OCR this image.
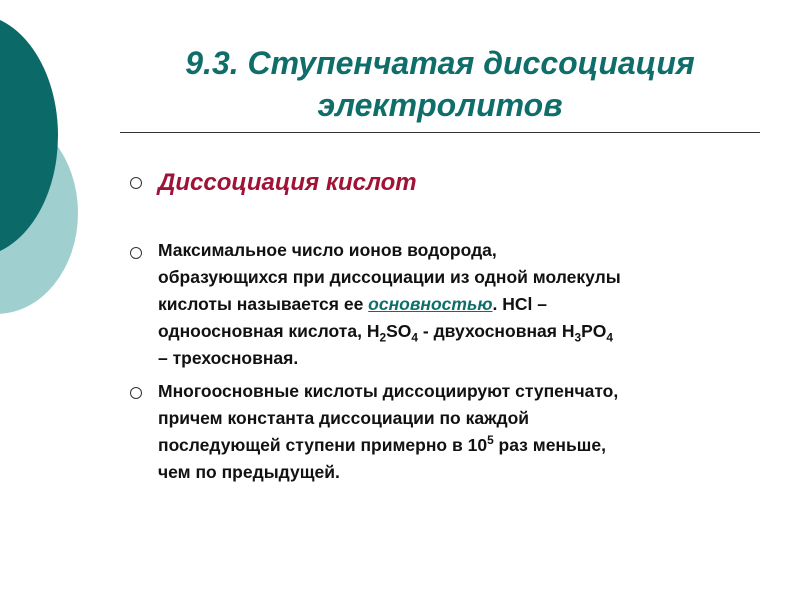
9.3. Ступенчатая диссоциация
электролитов
Диссоциация кислот
Максимальное число ионов водорода,
образующихся при диссоциации из одной молекулы
кислоты называется ее основностью. HCl –
одноосновная кислота, $H_2SO_4$ - двухосновная $H_3PO_4$
– трехосновная.
Многоосновные кислоты диссоциируют ступенчато,
причем константа диссоциации по каждой
последующей ступени примерно в $10^5$ раз меньше,
чем по предыдущей.
